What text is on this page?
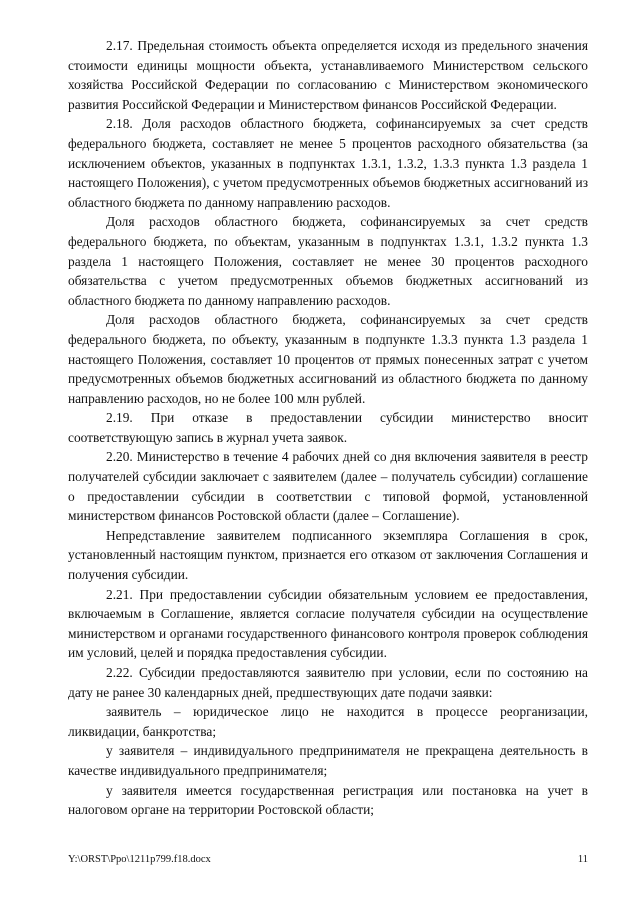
2.17. Предельная стоимость объекта определяется исходя из предельного значения стоимости единицы мощности объекта, устанавливаемого Министерством сельского хозяйства Российской Федерации по согласованию с Министерством экономического развития Российской Федерации и Министерством финансов Российской Федерации.

2.18. Доля расходов областного бюджета, софинансируемых за счет средств федерального бюджета, составляет не менее 5 процентов расходного обязательства (за исключением объектов, указанных в подпунктах 1.3.1, 1.3.2, 1.3.3 пункта 1.3 раздела 1 настоящего Положения), с учетом предусмотренных объемов бюджетных ассигнований из областного бюджета по данному направлению расходов.

Доля расходов областного бюджета, софинансируемых за счет средств федерального бюджета, по объектам, указанным в подпунктах 1.3.1, 1.3.2 пункта 1.3 раздела 1 настоящего Положения, составляет не менее 30 процентов расходного обязательства с учетом предусмотренных объемов бюджетных ассигнований из областного бюджета по данному направлению расходов.

Доля расходов областного бюджета, софинансируемых за счет средств федерального бюджета, по объекту, указанным в подпункте 1.3.3 пункта 1.3 раздела 1 настоящего Положения, составляет 10 процентов от прямых понесенных затрат с учетом предусмотренных объемов бюджетных ассигнований из областного бюджета по данному направлению расходов, но не более 100 млн рублей.

2.19. При отказе в предоставлении субсидии министерство вносит соответствующую запись в журнал учета заявок.

2.20. Министерство в течение 4 рабочих дней со дня включения заявителя в реестр получателей субсидии заключает с заявителем (далее – получатель субсидии) соглашение о предоставлении субсидии в соответствии с типовой формой, установленной министерством финансов Ростовской области (далее – Соглашение).

Непредставление заявителем подписанного экземпляра Соглашения в срок, установленный настоящим пунктом, признается его отказом от заключения Соглашения и получения субсидии.

2.21. При предоставлении субсидии обязательным условием ее предоставления, включаемым в Соглашение, является согласие получателя субсидии на осуществление министерством и органами государственного финансового контроля проверок соблюдения им условий, целей и порядка предоставления субсидии.

2.22. Субсидии предоставляются заявителю при условии, если по состоянию на дату не ранее 30 календарных дней, предшествующих дате подачи заявки:

заявитель – юридическое лицо не находится в процессе реорганизации, ликвидации, банкротства;

у заявителя – индивидуального предпринимателя не прекращена деятельность в качестве индивидуального предпринимателя;

у заявителя имеется государственная регистрация или постановка на учет в налоговом органе на территории Ростовской области;

Y:\ORST\Ppo\1211p799.f18.docx	11
